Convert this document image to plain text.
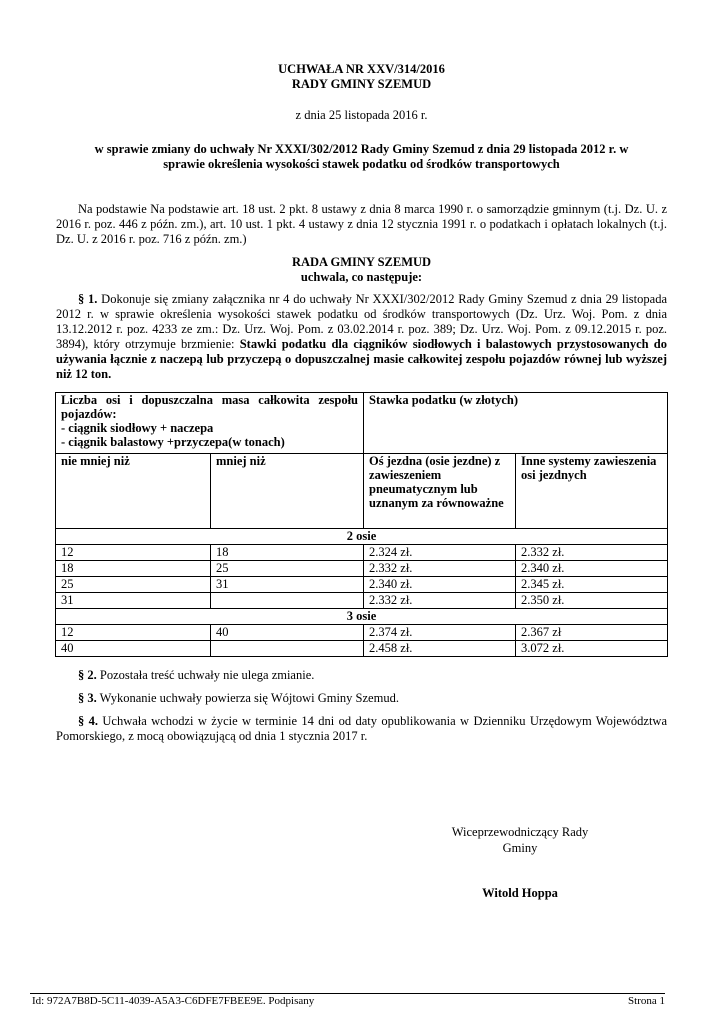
UCHWAŁA NR XXV/314/2016
RADY GMINY SZEMUD
z dnia 25 listopada 2016 r.
w sprawie zmiany do uchwały Nr XXXI/302/2012 Rady Gminy Szemud z dnia 29 listopada 2012 r. w
sprawie określenia wysokości stawek podatku od środków transportowych
Na podstawie Na podstawie art. 18 ust. 2 pkt. 8 ustawy z dnia 8 marca 1990 r. o samorządzie gminnym (t.j. Dz. U. z 2016 r. poz. 446 z późn. zm.), art. 10 ust. 1 pkt. 4 ustawy z dnia 12 stycznia 1991 r. o podatkach i opłatach lokalnych (t.j. Dz. U. z 2016 r. poz. 716 z późn. zm.)
RADA GMINY SZEMUD
uchwala, co następuje:
§ 1. Dokonuje się zmiany załącznika nr 4 do uchwały Nr XXXI/302/2012 Rady Gminy Szemud z dnia 29 listopada 2012 r. w sprawie określenia wysokości stawek podatku od środków transportowych (Dz. Urz. Woj. Pom. z dnia 13.12.2012 r. poz. 4233 ze zm.: Dz. Urz. Woj. Pom. z 03.02.2014 r. poz. 389; Dz. Urz. Woj. Pom. z 09.12.2015 r. poz. 3894), który otrzymuje brzmienie: Stawki podatku dla ciągników siodłowych i balastowych przystosowanych do używania łącznie z naczepą lub przyczepą o dopuszczalnej masie całkowitej zespołu pojazdów równej lub wyższej niż 12 ton.
Liczba osi i dopuszczalna masa całkowita zespołu pojazdów:
- ciągnik siodłowy + naczepa
- ciągnik balastowy +przyczepa(w tonach)		Stawka podatku (w złotych)	
nie mniej niż	mniej niż	Oś jezdna (osie jezdne) z zawieszeniem pneumatycznym lub uznanym za równoważne	Inne systemy zawieszenia osi jezdnych
2 osie			
12	18	2.324 zł.	2.332 zł.
18	25	2.332 zł.	2.340 zł.
25	31	2.340 zł.	2.345 zł.
31		2.332 zł.	2.350 zł.
3 osie			
12	40	2.374 zł.	2.367 zł
40		2.458 zł.	3.072 zł.
§ 2. Pozostała treść uchwały nie ulega zmianie.
§ 3. Wykonanie uchwały powierza się Wójtowi Gminy Szemud.
§ 4. Uchwała wchodzi w życie w terminie 14 dni od daty opublikowania w Dzienniku Urzędowym Województwa Pomorskiego, z mocą obowiązującą od dnia 1 stycznia 2017 r.
Wiceprzewodniczący Rady
Gminy
Witold Hoppa
Id: 972A7B8D-5C11-4039-A5A3-C6DFE7FBEE9E. Podpisany	Strona 1
